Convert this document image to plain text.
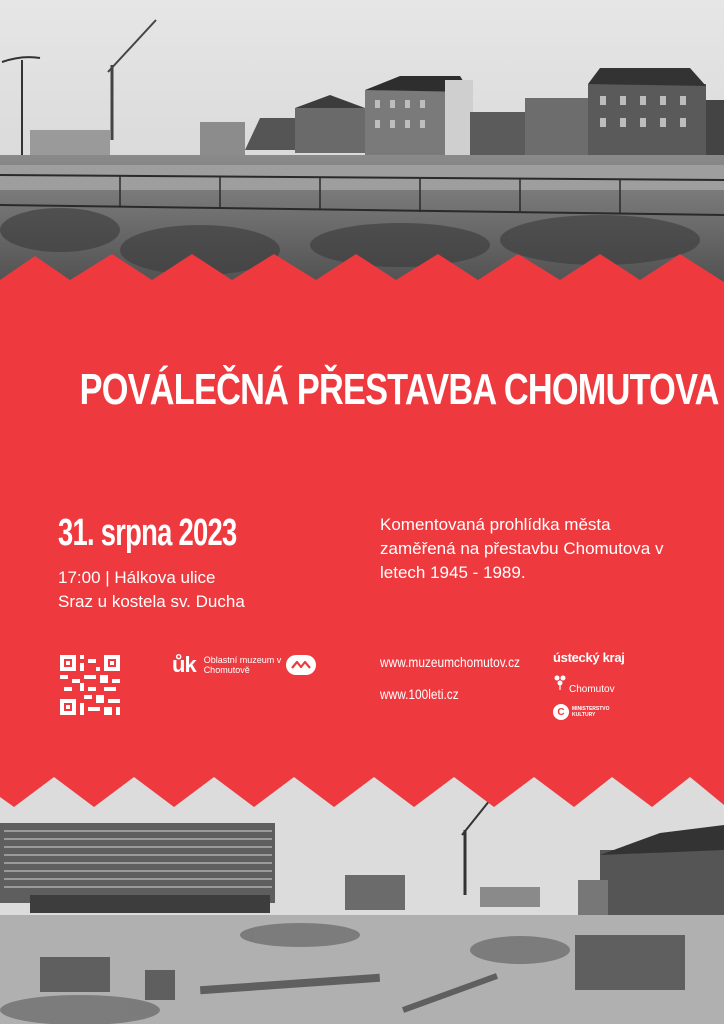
POVÁLEČNÁ PŘESTAVBA CHOMUTOVA
31. srpna 2023
17:00 | Hálkova ulice
Sraz u kostela sv. Ducha
Komentovaná prohlídka města zaměřená na přestavbu Chomutova v letech 1945 - 1989.
ůk Oblastní muzeum v Chomutově	www.muzeumchomutov.cz
www.100leti.cz
ústecký kraj
Chomutov
C	MINISTERSTVO KULTURY
